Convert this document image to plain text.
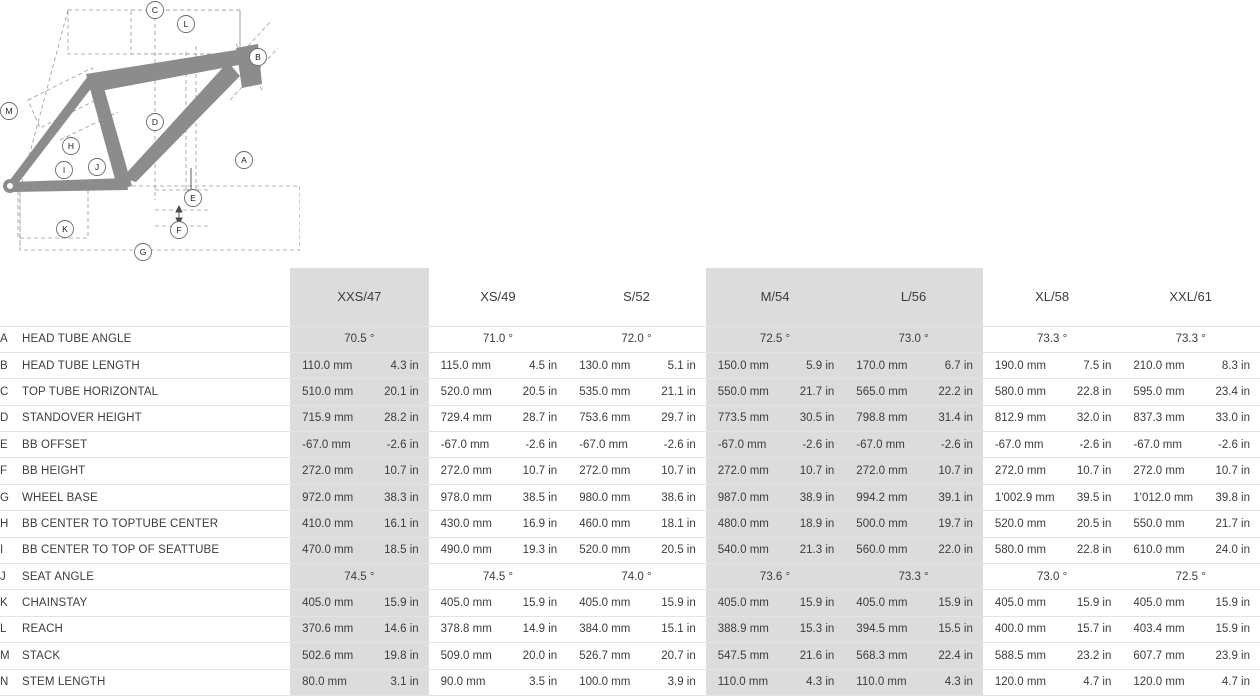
A
B
C
D
E
F
G
H
I	J
K
L
M
	XXS/47	XS/49	S/52	M/54	L/56	XL/58	XXL/61
A HEAD TUBE ANGLE	70.5 °	71.0 °	72.0 °	72.5 °	73.0 °	73.3 °	73.3 °

B HEAD TUBE LENGTH	110.0 mm 4.3 in	115.0 mm 4.5 in	130.0 mm 5.1 in	150.0 mm 5.9 in	170.0 mm 6.7 in	190.0 mm 7.5 in	210.0 mm 8.3 in

C TOP TUBE HORIZONTAL	510.0 mm 20.1 in	520.0 mm 20.5 in	535.0 mm 21.1 in	550.0 mm 21.7 in	565.0 mm 22.2 in	580.0 mm 22.8 in	595.0 mm 23.4 in

D STANDOVER HEIGHT	715.9 mm 28.2 in	729.4 mm 28.7 in	753.6 mm 29.7 in	773.5 mm 30.5 in	798.8 mm 31.4 in	812.9 mm 32.0 in	837.3 mm 33.0 in

E BB OFFSET	-67.0 mm -2.6 in	-67.0 mm -2.6 in	-67.0 mm -2.6 in	-67.0 mm -2.6 in	-67.0 mm -2.6 in	-67.0 mm -2.6 in	-67.0 mm -2.6 in

F BB HEIGHT	272.0 mm 10.7 in	272.0 mm 10.7 in	272.0 mm 10.7 in	272.0 mm 10.7 in	272.0 mm 10.7 in	272.0 mm 10.7 in	272.0 mm 10.7 in

G WHEEL BASE	972.0 mm 38.3 in	978.0 mm 38.5 in	980.0 mm 38.6 in	987.0 mm 38.9 in	994.2 mm 39.1 in	1'002.9 mm 39.5 in	1'012.0 mm 39.8 in

H BB CENTER TO TOPTUBE CENTER	410.0 mm 16.1 in	430.0 mm 16.9 in	460.0 mm 18.1 in	480.0 mm 18.9 in	500.0 mm 19.7 in	520.0 mm 20.5 in	550.0 mm 21.7 in

I BB CENTER TO TOP OF SEATTUBE	470.0 mm 18.5 in	490.0 mm 19.3 in	520.0 mm 20.5 in	540.0 mm 21.3 in	560.0 mm 22.0 in	580.0 mm 22.8 in	610.0 mm 24.0 in

J SEAT ANGLE	74.5 °	74.5 °	74.0 °	73.6 °	73.3 °	73.0 °	72.5 °

K CHAINSTAY	405.0 mm 15.9 in	405.0 mm 15.9 in	405.0 mm 15.9 in	405.0 mm 15.9 in	405.0 mm 15.9 in	405.0 mm 15.9 in	405.0 mm 15.9 in

L REACH	370.6 mm 14.6 in	378.8 mm 14.9 in	384.0 mm 15.1 in	388.9 mm 15.3 in	394.5 mm 15.5 in	400.0 mm 15.7 in	403.4 mm 15.9 in

M STACK	502.6 mm 19.8 in	509.0 mm 20.0 in	526.7 mm 20.7 in	547.5 mm 21.6 in	568.3 mm 22.4 in	588.5 mm 23.2 in	607.7 mm 23.9 in

N STEM LENGTH	80.0 mm 3.1 in	90.0 mm 3.5 in	100.0 mm 3.9 in	110.0 mm 4.3 in	110.0 mm 4.3 in	120.0 mm 4.7 in	120.0 mm 4.7 in
